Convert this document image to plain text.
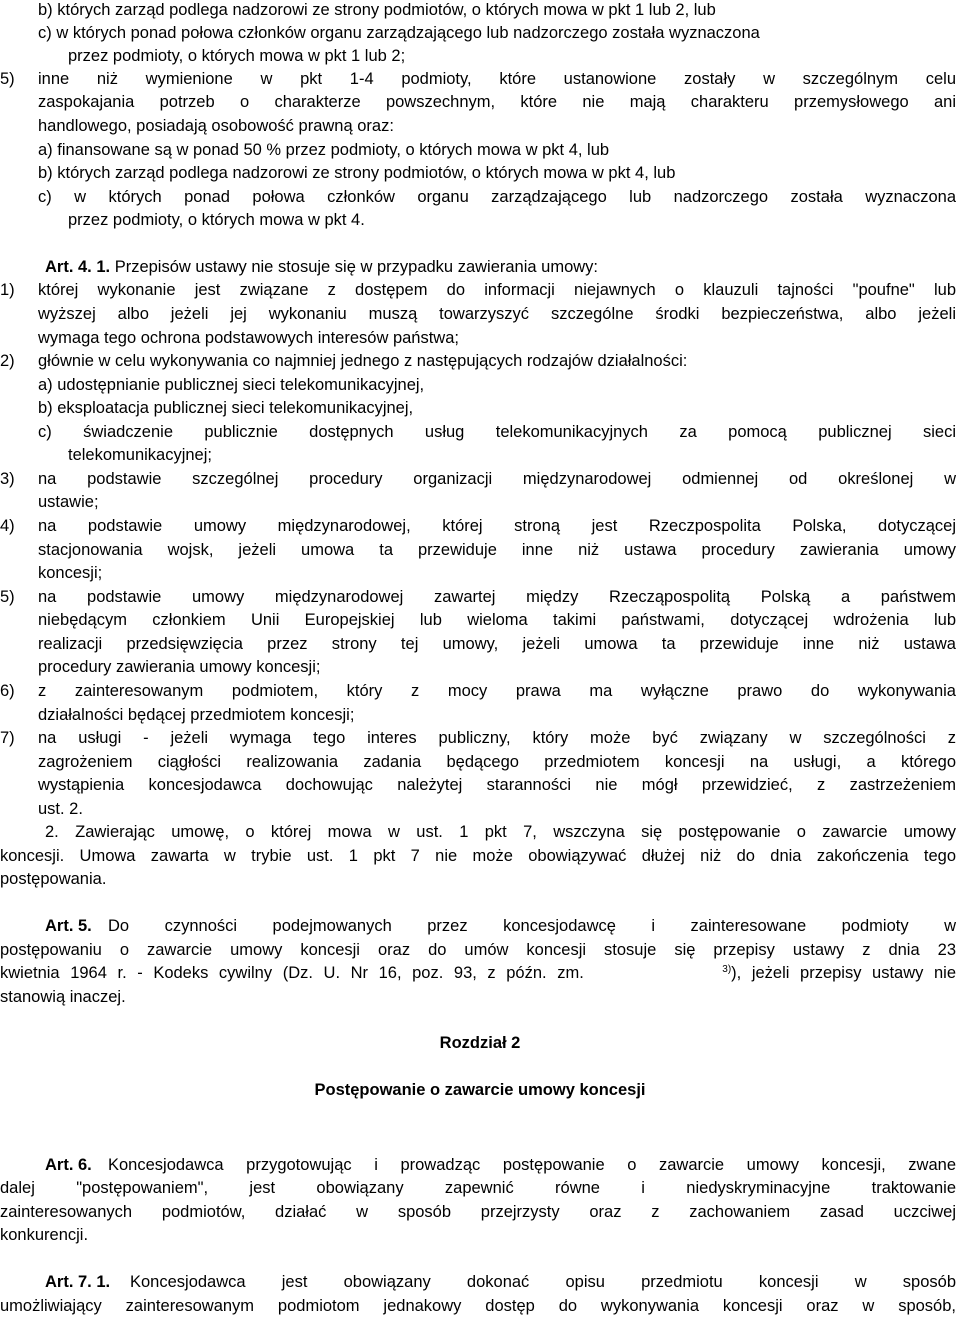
b) których zarząd podlega nadzorowi ze strony podmiotów, o których mowa w pkt 1 lub 2, lub
c) w których ponad połowa członków organu zarządzającego lub nadzorczego została wyznaczona
przez podmioty, o których mowa w pkt 1 lub 2;
5) inne niż wymienione w pkt 1-4 podmioty, które ustanowione zostały w szczególnym celu
zaspokajania potrzeb o charakterze powszechnym, które nie mają charakteru przemysłowego ani
handlowego, posiadają osobowość prawną oraz:
a) finansowane są w ponad 50 % przez podmioty, o których mowa w pkt 4, lub
b) których zarząd podlega nadzorowi ze strony podmiotów, o których mowa w pkt 4, lub
c) w których ponad połowa członków organu zarządzającego lub nadzorczego została wyznaczona
przez podmioty, o których mowa w pkt 4.
Art. 4. 1. Przepisów ustawy nie stosuje się w przypadku zawierania umowy:
1) której wykonanie jest związane z dostępem do informacji niejawnych o klauzuli tajności "poufne" lub
wyższej albo jeżeli jej wykonaniu muszą towarzyszyć szczególne środki bezpieczeństwa, albo jeżeli
wymaga tego ochrona podstawowych interesów państwa;
2) głównie w celu wykonywania co najmniej jednego z następujących rodzajów działalności:
a) udostępnianie publicznej sieci telekomunikacyjnej,
b) eksploatacja publicznej sieci telekomunikacyjnej,
c) świadczenie publicznie dostępnych usług telekomunikacyjnych za pomocą publicznej sieci
telekomunikacyjnej;
3) na podstawie szczególnej procedury organizacji międzynarodowej odmiennej od określonej w
ustawie;
4) na podstawie umowy międzynarodowej, której stroną jest Rzeczpospolita Polska, dotyczącej
stacjonowania wojsk, jeżeli umowa ta przewiduje inne niż ustawa procedury zawierania umowy
koncesji;
5) na podstawie umowy międzynarodowej zawartej między Rzecząpospolitą Polską a państwem
niebędącym członkiem Unii Europejskiej lub wieloma takimi państwami, dotyczącej wdrożenia lub
realizacji przedsięwzięcia przez strony tej umowy, jeżeli umowa ta przewiduje inne niż ustawa
procedury zawierania umowy koncesji;
6) z zainteresowanym podmiotem, który z mocy prawa ma wyłączne prawo do wykonywania
działalności będącej przedmiotem koncesji;
7) na usługi - jeżeli wymaga tego interes publiczny, który może być związany w szczególności z
zagrożeniem ciągłości realizowania zadania będącego przedmiotem koncesji na usługi, a którego
wystąpienia koncesjodawca dochowując należytej staranności nie mógł przewidzieć, z zastrzeżeniem
ust. 2.
2. Zawierając umowę, o której mowa w ust. 1 pkt 7, wszczyna się postępowanie o zawarcie umowy
koncesji. Umowa zawarta w trybie ust. 1 pkt 7 nie może obowiązywać dłużej niż do dnia zakończenia tego
postępowania.
Art. 5. Do czynności podejmowanych przez koncesjodawcę i zainteresowane podmioty w
postępowaniu o zawarcie umowy koncesji oraz do umów koncesji stosuje się przepisy ustawy z dnia 23
kwietnia 1964 r. - Kodeks cywilny (Dz. U. Nr 16, poz. 93, z późn. zm.	$^{3)}$), jeżeli przepisy ustawy nie
stanowią inaczej.
Rozdział 2
Postępowanie o zawarcie umowy koncesji
Art. 6. Koncesjodawca przygotowując i prowadząc postępowanie o zawarcie umowy koncesji, zwane
dalej "postępowaniem", jest obowiązany zapewnić równe i niedyskryminacyjne traktowanie
zainteresowanych podmiotów, działać w sposób przejrzysty oraz z zachowaniem zasad uczciwej
konkurencji.
Art. 7. 1. Koncesjodawca jest obowiązany dokonać opisu przedmiotu koncesji w sposób
umożliwiający zainteresowanym podmiotom jednakowy dostęp do wykonywania koncesji oraz w sposób,
